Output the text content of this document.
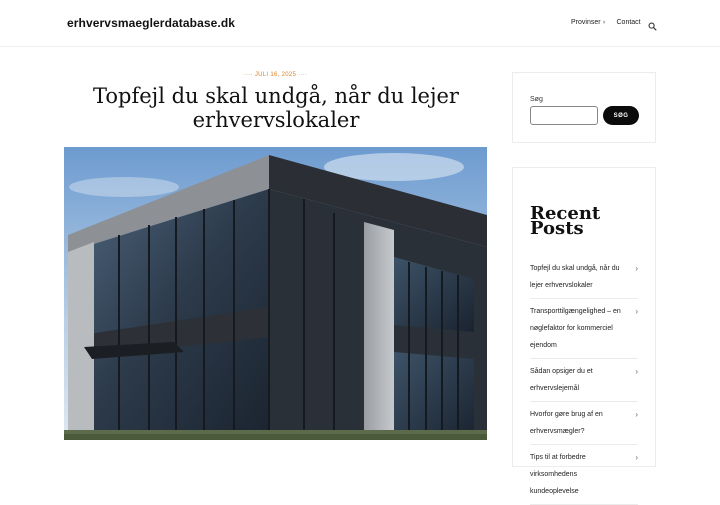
erhvervsmaeglerdatabase.dk	Provinser ˅ Contact
···· JULI 16, 2025 ····
Topfejl du skal undgå, når du lejer erhvervslokaler
Søg
SØG
Recent Posts
Topfejl du skal undgå, når du lejer erhvervslokaler
›
Transporttilgængelighed – en nøglefaktor for kommerciel ejendom
›
Sådan opsiger du et erhvervslejemål
›
Hvorfor gøre brug af en erhvervsmægler?
›
Tips til at forbedre virksomhedens kundeoplevelse
›
